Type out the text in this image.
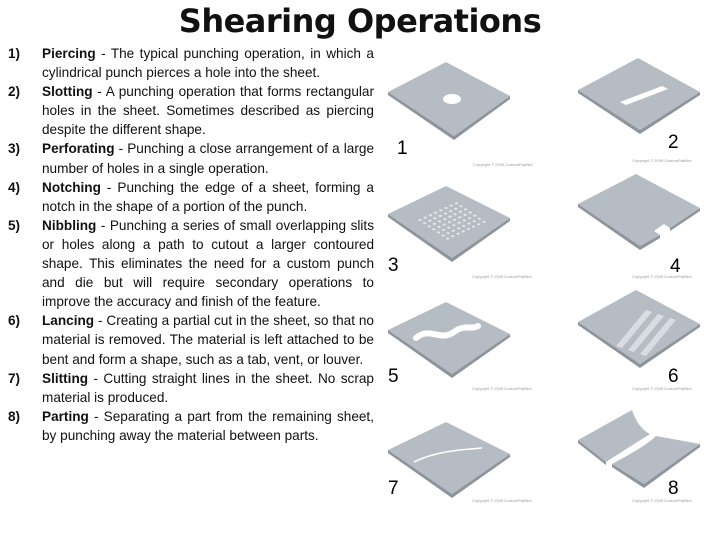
Shearing Operations
1)	Piercing - The typical punching operation, in which a cylindrical punch pierces a hole into the sheet.
2)	Slotting - A punching operation that forms rectangular holes in the sheet. Sometimes described as piercing despite the different shape.
3)	Perforating - Punching a close arrangement of a large number of holes in a single operation.
4)	Notching - Punching the edge of a sheet, forming a notch in the shape of a portion of the punch.
5)	Nibbling - Punching a series of small overlapping slits or holes along a path to cutout a larger contoured shape. This eliminates the need for a custom punch and die but will require secondary operations to improve the accuracy and finish of the feature.
6)	Lancing - Creating a partial cut in the sheet, so that no material is removed. The material is left attached to be bent and form a shape, such as a tab, vent, or louver.
7)	Slitting - Cutting straight lines in the sheet. No scrap material is produced.
8)	Parting - Separating a part from the remaining sheet, by punching away the material between parts.
Copyright © 2009 CustomPartNet
1
Copyright © 2009 CustomPartNet
2
Copyright © 2009 CustomPartNet
3
Copyright © 2009 CustomPartNet
4
Copyright © 2009 CustomPartNet
5
Copyright © 2009 CustomPartNet
6
Copyright © 2009 CustomPartNet
7
Copyright © 2009 CustomPartNet
8
